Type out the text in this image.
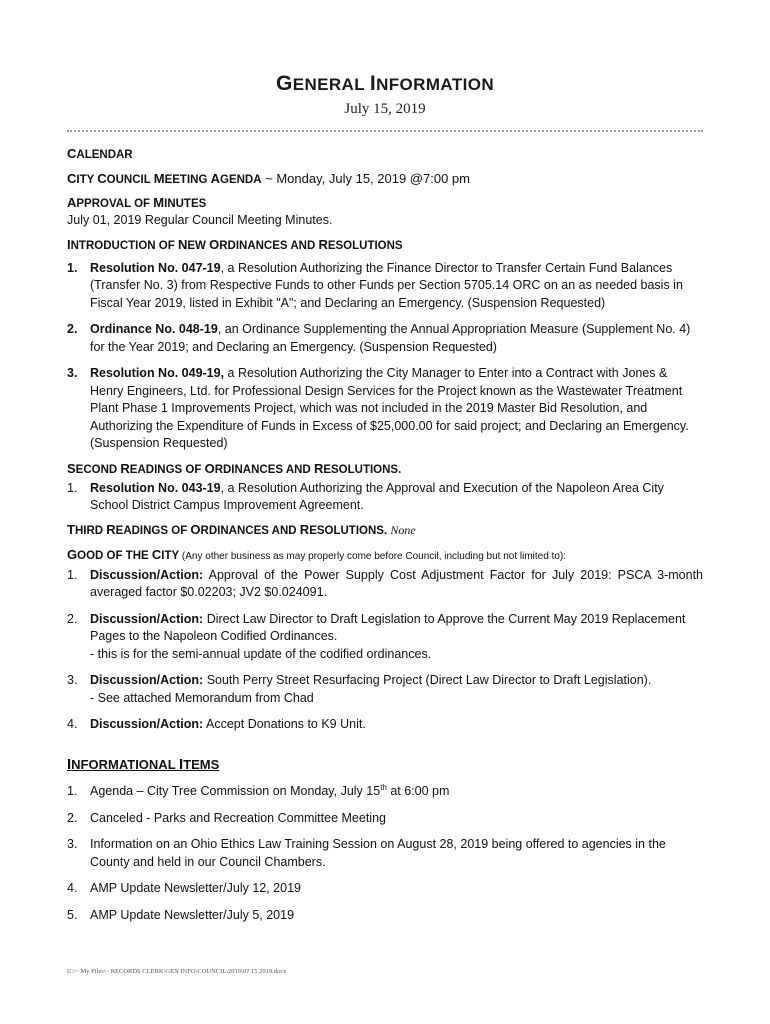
GENERAL INFORMATION
July 15, 2019
CALENDAR
CITY COUNCIL MEETING AGENDA ~ Monday, July 15, 2019 @7:00 pm
APPROVAL OF MINUTES
July 01, 2019 Regular Council Meeting Minutes.
INTRODUCTION OF NEW ORDINANCES AND RESOLUTIONS
1. Resolution No. 047-19, a Resolution Authorizing the Finance Director to Transfer Certain Fund Balances (Transfer No. 3) from Respective Funds to other Funds per Section 5705.14 ORC on an as needed basis in Fiscal Year 2019, listed in Exhibit "A"; and Declaring an Emergency. (Suspension Requested)
2. Ordinance No. 048-19, an Ordinance Supplementing the Annual Appropriation Measure (Supplement No. 4) for the Year 2019; and Declaring an Emergency. (Suspension Requested)
3. Resolution No. 049-19, a Resolution Authorizing the City Manager to Enter into a Contract with Jones & Henry Engineers, Ltd. for Professional Design Services for the Project known as the Wastewater Treatment Plant Phase 1 Improvements Project, which was not included in the 2019 Master Bid Resolution, and Authorizing the Expenditure of Funds in Excess of $25,000.00 for said project; and Declaring an Emergency. (Suspension Requested)
SECOND READINGS OF ORDINANCES AND RESOLUTIONS.
1. Resolution No. 043-19, a Resolution Authorizing the Approval and Execution of the Napoleon Area City School District Campus Improvement Agreement.
THIRD READINGS OF ORDINANCES AND RESOLUTIONS. None
GOOD OF THE CITY (Any other business as may properly come before Council, including but not limited to):
1. Discussion/Action: Approval of the Power Supply Cost Adjustment Factor for July 2019: PSCA 3-month averaged factor $0.02203; JV2 $0.024091.
2. Discussion/Action: Direct Law Director to Draft Legislation to Approve the Current May 2019 Replacement Pages to the Napoleon Codified Ordinances.
- this is for the semi-annual update of the codified ordinances.
3. Discussion/Action: South Perry Street Resurfacing Project (Direct Law Director to Draft Legislation).
- See attached Memorandum from Chad
4. Discussion/Action: Accept Donations to K9 Unit.
INFORMATIONAL ITEMS
1. Agenda – City Tree Commission on Monday, July 15th at 6:00 pm
2. Canceled - Parks and Recreation Committee Meeting
3. Information on an Ohio Ethics Law Training Session on August 28, 2019 being offered to agencies in the County and held in our Council Chambers.
4. AMP Update Newsletter/July 12, 2019
5. AMP Update Newsletter/July 5, 2019
U:\~ My Files\~ RECORDS CLERK\GEN INFO\COUNCIL\2019\07 15 2019.docx
